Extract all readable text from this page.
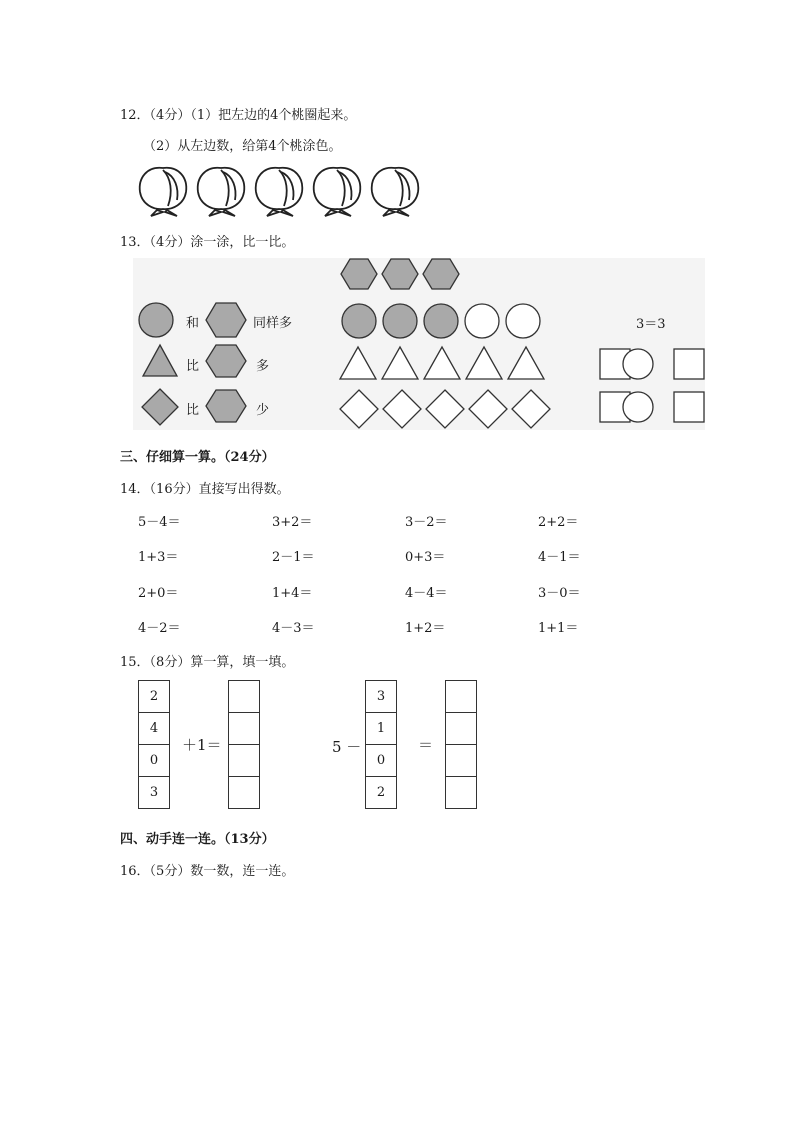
12．（4分）（1）把左边的4个桃圈起来。
（2）从左边数，给第4个桃涂色。
13．（4分）涂一涂，比一比。
和	同样多
比	多
比	少
3＝3
三、仔细算一算。（24分）
14．（16分）直接写出得数。
5－4＝	3+2＝	3－2＝	2+2＝
1+3＝	2－1＝	0+3＝	4－1＝
2+0＝	1+4＝	4－4＝	3－0＝
4－2＝	4－3＝	1+2＝	1+1＝
15．（8分）算一算，填一填。
2
4
0
3
＋1＝	5 －
3
1
0
2
＝
四、动手连一连。（13分）
16．（5分）数一数，连一连。
